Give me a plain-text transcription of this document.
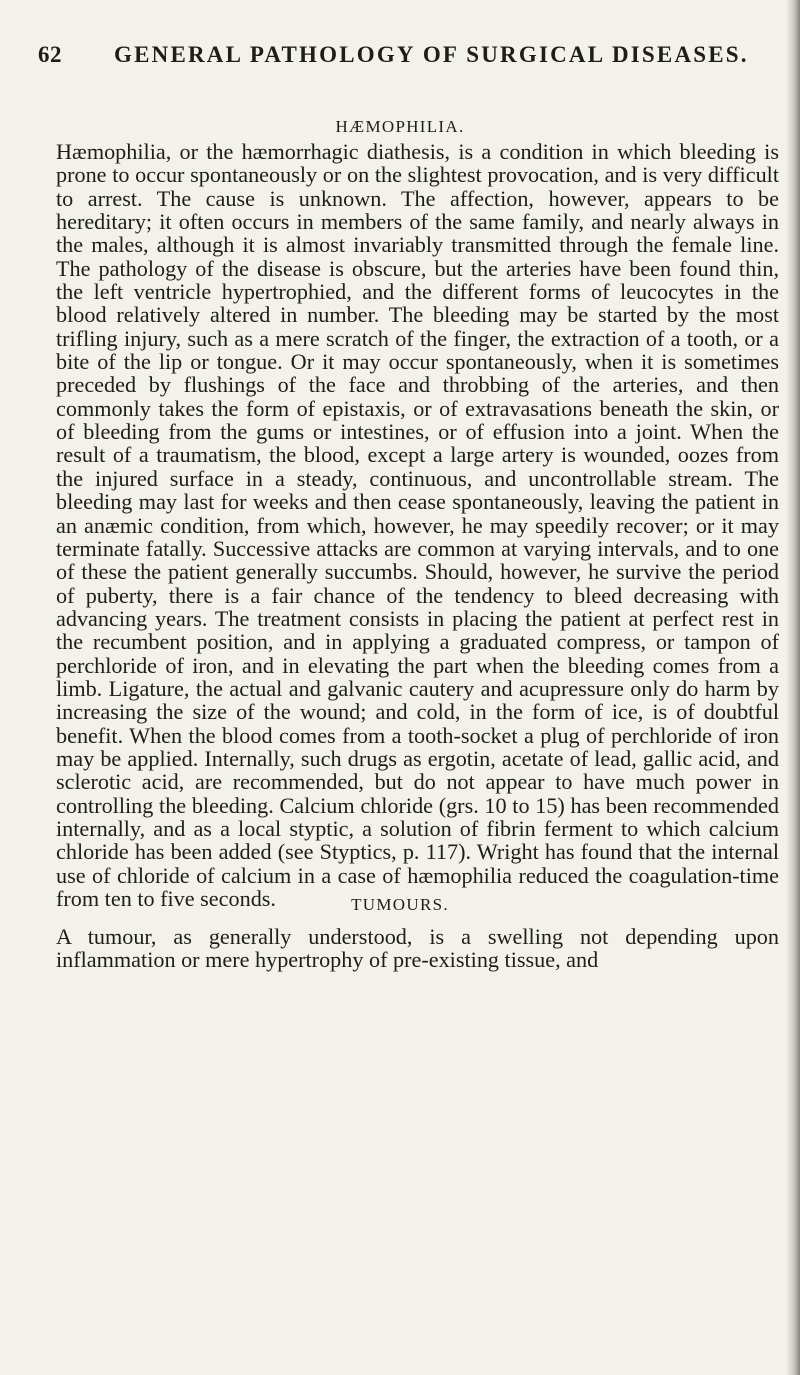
62 GENERAL PATHOLOGY OF SURGICAL DISEASES.
HÆMOPHILIA.

Hæmophilia, or the hæmorrhagic diathesis, is a condition in which bleeding is prone to occur spontaneously or on the slightest provocation, and is very difficult to arrest. The cause is unknown. The affection, however, appears to be hereditary; it often occurs in members of the same family, and nearly always in the males, although it is almost invariably transmitted through the female line. The pathology of the disease is obscure, but the arteries have been found thin, the left ventricle hypertrophied, and the different forms of leucocytes in the blood relatively altered in number. The bleeding may be started by the most trifling injury, such as a mere scratch of the finger, the extraction of a tooth, or a bite of the lip or tongue. Or it may occur spontaneously, when it is sometimes preceded by flushings of the face and throbbing of the arteries, and then commonly takes the form of epistaxis, or of extravasations beneath the skin, or of bleeding from the gums or intestines, or of effusion into a joint. When the result of a traumatism, the blood, except a large artery is wounded, oozes from the injured surface in a steady, continuous, and uncontrollable stream. The bleeding may last for weeks and then cease spontaneously, leaving the patient in an anæmic condition, from which, however, he may speedily recover; or it may terminate fatally. Successive attacks are common at varying intervals, and to one of these the patient generally succumbs. Should, however, he survive the period of puberty, there is a fair chance of the tendency to bleed decreasing with advancing years. The treatment consists in placing the patient at perfect rest in the recumbent position, and in applying a graduated compress, or tampon of perchloride of iron, and in elevating the part when the bleeding comes from a limb. Ligature, the actual and galvanic cautery and acupressure only do harm by increasing the size of the wound; and cold, in the form of ice, is of doubtful benefit. When the blood comes from a tooth-socket a plug of perchloride of iron may be applied. Internally, such drugs as ergotin, acetate of lead, gallic acid, and sclerotic acid, are recommended, but do not appear to have much power in controlling the bleeding. Calcium chloride (grs. 10 to 15) has been recommended internally, and as a local styptic, a solution of fibrin ferment to which calcium chloride has been added (see Styptics, p. 117). Wright has found that the internal use of chloride of calcium in a case of hæmophilia reduced the coagulation-time from ten to five seconds.	TUMOURS.

A tumour, as generally understood, is a swelling not depending upon inflammation or mere hypertrophy of pre-existing tissue, and
